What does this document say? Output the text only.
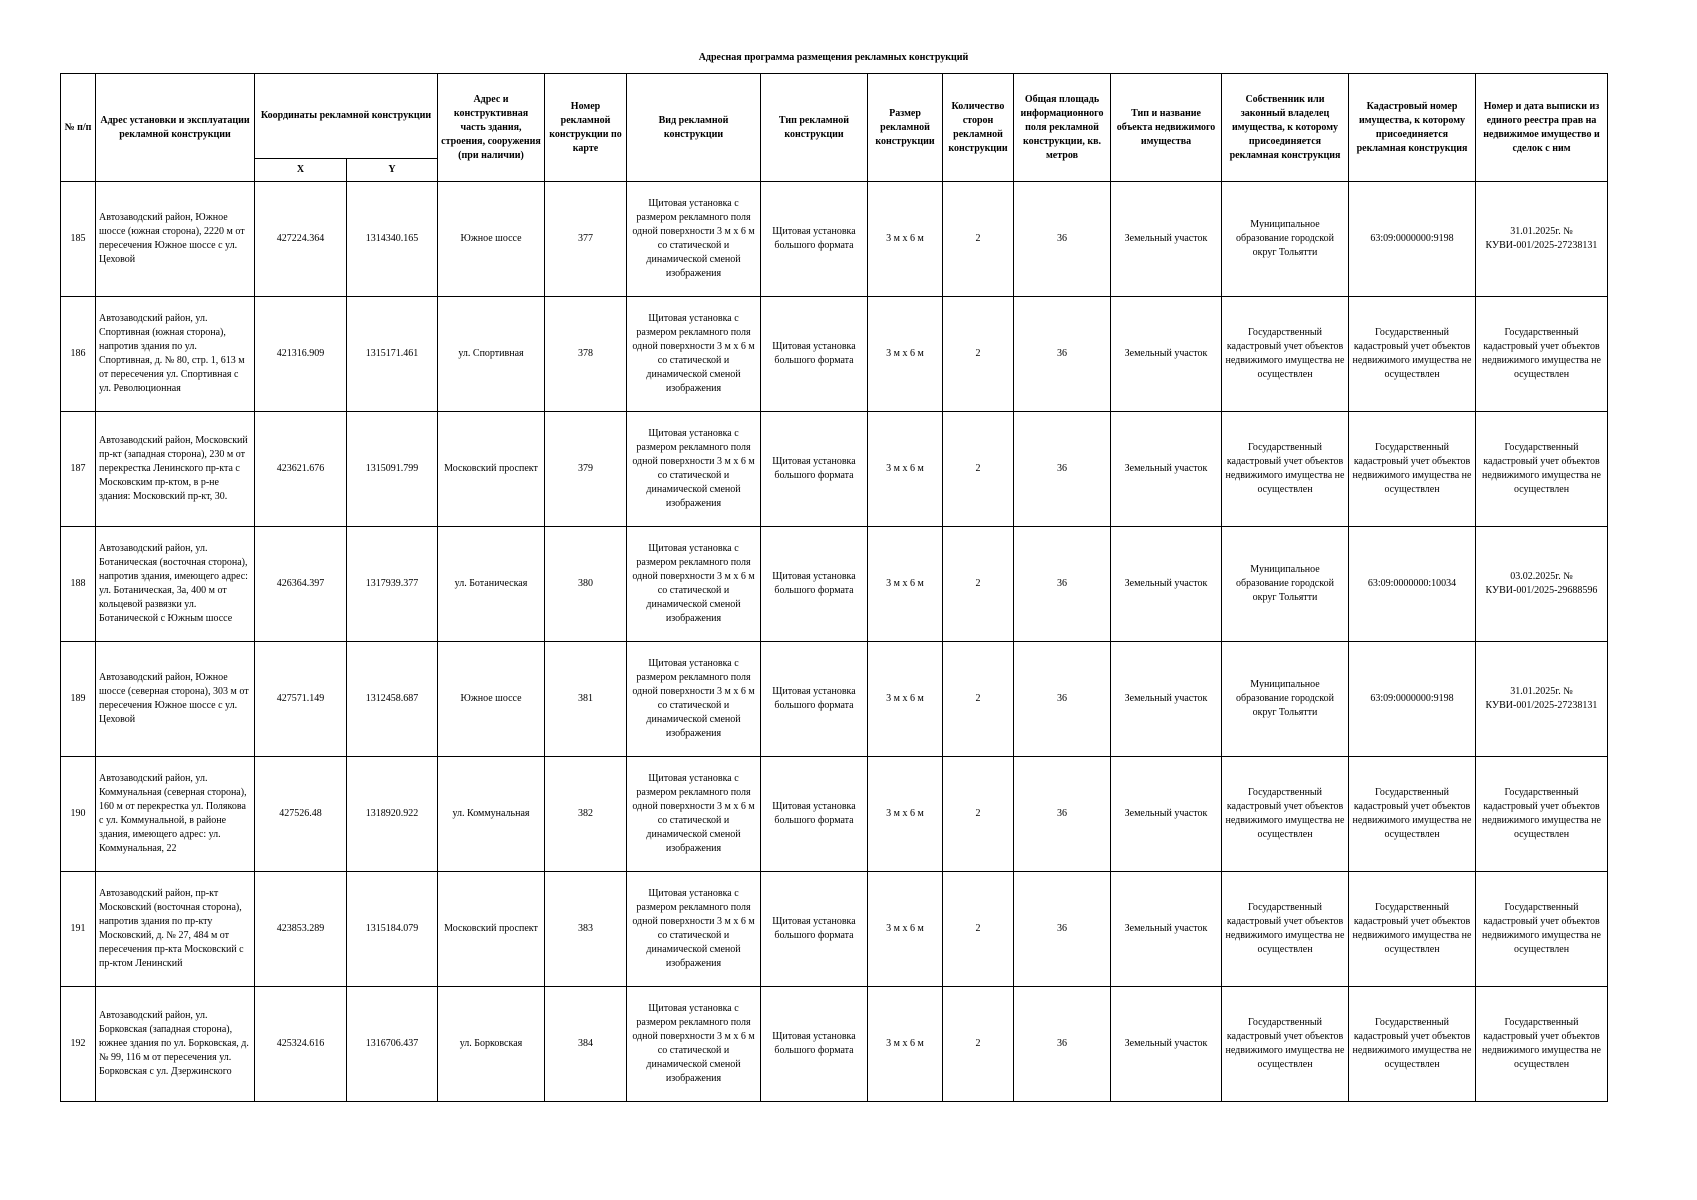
Адресная программа размещения рекламных конструкций
№ п/п	Адрес установки и эксплуатации рекламной конструкции	Координаты рекламной конструкции		Адрес и конструктивная часть здания, строения, сооружения (при наличии)	Номер рекламной конструкции по карте	Вид рекламной конструкции	Тип рекламной конструкции	Размер рекламной конструкции	Количество сторон рекламной конструкции	Общая площадь информационного поля рекламной конструкции, кв. метров	Тип и название объекта недвижимого имущества	Собственник или законный владелец имущества, к которому присоединяется рекламная конструкция	Кадастровый номер имущества, к которому присоединяется рекламная конструкция	Номер и дата выписки из единого реестра прав на недвижимое имущество и сделок с ним
		X	Y											
185	Автозаводский район, Южное шоссе (южная сторона), 2220 м от пересечения Южное шоссе с ул. Цеховой	427224.364	1314340.165	Южное шоссе	377	Щитовая установка с размером рекламного поля одной поверхности 3 м х 6 м со статической и динамической сменой изображения	Щитовая установка большого формата	3 м х 6 м	2	36	Земельный участок	Муниципальное образование городской округ Тольятти	63:09:0000000:9198	31.01.2025г. № КУВИ-001/2025-27238131
186	Автозаводский район, ул. Спортивная (южная сторона), напротив здания по ул. Спортивная, д. № 80, стр. 1, 613 м от пересечения ул. Спортивная с ул. Революционная	421316.909	1315171.461	ул. Спортивная	378	Щитовая установка с размером рекламного поля одной поверхности 3 м х 6 м со статической и динамической сменой изображения	Щитовая установка большого формата	3 м х 6 м	2	36	Земельный участок	Государственный кадастровый учет объектов недвижимого имущества не осуществлен	Государственный кадастровый учет объектов недвижимого имущества не осуществлен	Государственный кадастровый учет объектов недвижимого имущества не осуществлен
187	Автозаводский район, Московский пр-кт (западная сторона), 230 м от перекрестка Ленинского пр-кта с Московским пр-ктом, в р-не здания: Московский пр-кт, 30.	423621.676	1315091.799	Московский проспект	379	Щитовая установка с размером рекламного поля одной поверхности 3 м х 6 м со статической и динамической сменой изображения	Щитовая установка большого формата	3 м х 6 м	2	36	Земельный участок	Государственный кадастровый учет объектов недвижимого имущества не осуществлен	Государственный кадастровый учет объектов недвижимого имущества не осуществлен	Государственный кадастровый учет объектов недвижимого имущества не осуществлен
188	Автозаводский район, ул. Ботаническая (восточная сторона), напротив здания, имеющего адрес: ул. Ботаническая, 3а, 400 м от кольцевой развязки ул. Ботанической с Южным шоссе	426364.397	1317939.377	ул. Ботаническая	380	Щитовая установка с размером рекламного поля одной поверхности 3 м х 6 м со статической и динамической сменой изображения	Щитовая установка большого формата	3 м х 6 м	2	36	Земельный участок	Муниципальное образование городской округ Тольятти	63:09:0000000:10034	03.02.2025г. № КУВИ-001/2025-29688596
189	Автозаводский район, Южное шоссе (северная сторона), 303 м от пересечения Южное шоссе с ул. Цеховой	427571.149	1312458.687	Южное шоссе	381	Щитовая установка с размером рекламного поля одной поверхности 3 м х 6 м со статической и динамической сменой изображения	Щитовая установка большого формата	3 м х 6 м	2	36	Земельный участок	Муниципальное образование городской округ Тольятти	63:09:0000000:9198	31.01.2025г. № КУВИ-001/2025-27238131
190	Автозаводский район, ул. Коммунальная (северная сторона), 160 м от перекрестка ул. Полякова с ул. Коммунальной, в районе здания, имеющего адрес: ул. Коммунальная, 22	427526.48	1318920.922	ул. Коммунальная	382	Щитовая установка с размером рекламного поля одной поверхности 3 м х 6 м со статической и динамической сменой изображения	Щитовая установка большого формата	3 м х 6 м	2	36	Земельный участок	Государственный кадастровый учет объектов недвижимого имущества не осуществлен	Государственный кадастровый учет объектов недвижимого имущества не осуществлен	Государственный кадастровый учет объектов недвижимого имущества не осуществлен
191	Автозаводский район, пр-кт Московский (восточная сторона), напротив здания по пр-кту Московский, д. № 27, 484 м от пересечения пр-кта Московский с пр-ктом Ленинский	423853.289	1315184.079	Московский проспект	383	Щитовая установка с размером рекламного поля одной поверхности 3 м х 6 м со статической и динамической сменой изображения	Щитовая установка большого формата	3 м х 6 м	2	36	Земельный участок	Государственный кадастровый учет объектов недвижимого имущества не осуществлен	Государственный кадастровый учет объектов недвижимого имущества не осуществлен	Государственный кадастровый учет объектов недвижимого имущества не осуществлен
192	Автозаводский район, ул. Борковская (западная сторона), южнее здания по ул. Борковская, д. № 99, 116 м от пересечения ул. Борковская с ул. Дзержинского	425324.616	1316706.437	ул. Борковская	384	Щитовая установка с размером рекламного поля одной поверхности 3 м х 6 м со статической и динамической сменой изображения	Щитовая установка большого формата	3 м х 6 м	2	36	Земельный участок	Государственный кадастровый учет объектов недвижимого имущества не осуществлен	Государственный кадастровый учет объектов недвижимого имущества не осуществлен	Государственный кадастровый учет объектов недвижимого имущества не осуществлен
